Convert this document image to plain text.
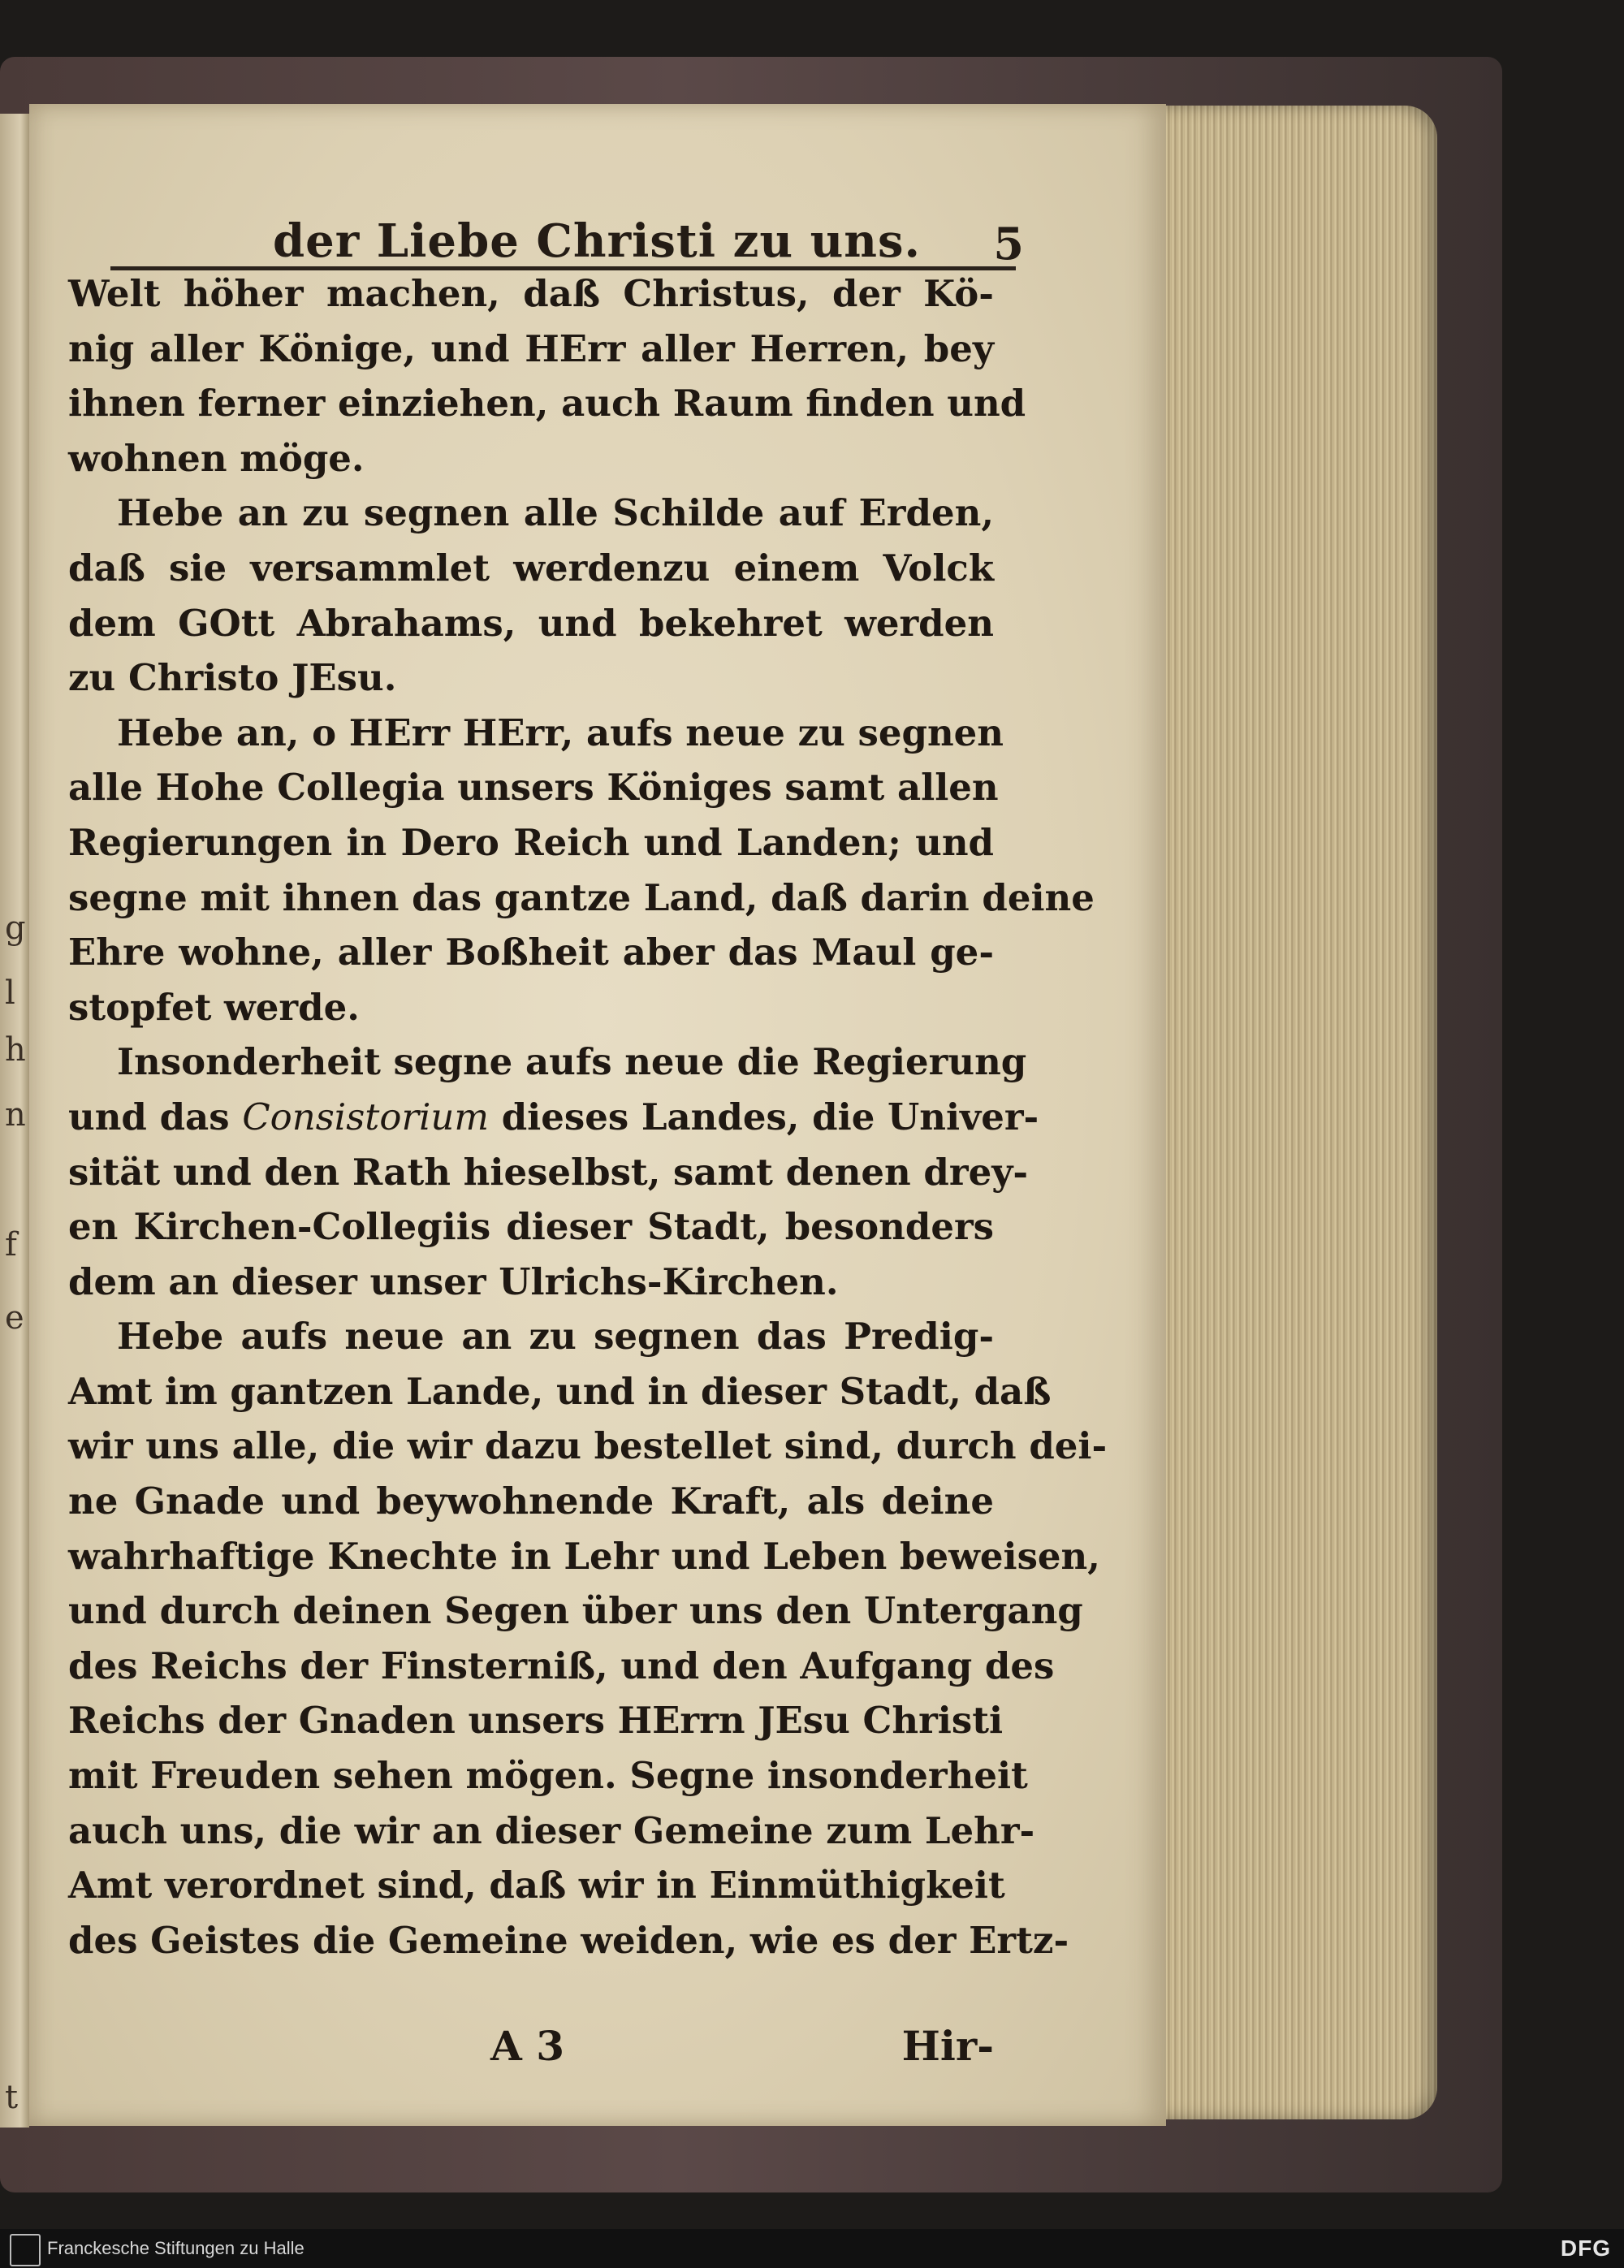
g
l
h
n
f
e
t
der Liebe Christi zu uns. 5
Welt höher machen, daß Christus, der Kö-
nig aller Könige, und HErr aller Herren, bey
ihnen ferner einziehen, auch Raum finden und
wohnen möge.
Hebe an zu segnen alle Schilde auf Erden,
daß sie versammlet werdenzu einem Volck
dem GOtt Abrahams, und bekehret werden
zu Christo JEsu.
Hebe an, o HErr HErr, aufs neue zu segnen
alle Hohe Collegia unsers Königes samt allen
Regierungen in Dero Reich und Landen; und
segne mit ihnen das gantze Land, daß darin deine
Ehre wohne, aller Boßheit aber das Maul ge-
stopfet werde.
Insonderheit segne aufs neue die Regierung
und das Consistorium dieses Landes, die Univer-
sität und den Rath hieselbst, samt denen drey-
en Kirchen-Collegiis dieser Stadt, besonders
dem an dieser unser Ulrichs-Kirchen.
Hebe aufs neue an zu segnen das Predig-
Amt im gantzen Lande, und in dieser Stadt, daß
wir uns alle, die wir dazu bestellet sind, durch dei-
ne Gnade und beywohnende Kraft, als deine
wahrhaftige Knechte in Lehr und Leben beweisen,
und durch deinen Segen über uns den Untergang
des Reichs der Finsterniß, und den Aufgang des
Reichs der Gnaden unsers HErrn JEsu Christi
mit Freuden sehen mögen. Segne insonderheit
auch uns, die wir an dieser Gemeine zum Lehr-
Amt verordnet sind, daß wir in Einmüthigkeit
des Geistes die Gemeine weiden, wie es der Ertz-
A 3	Hir-
Franckesche Stiftungen zu Halle	DFG
